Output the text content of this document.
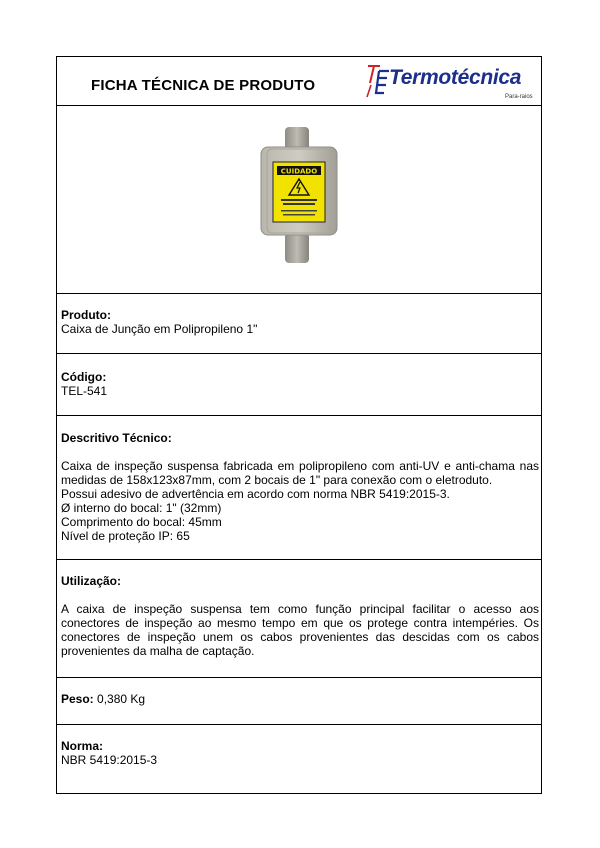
FICHA TÉCNICA DE PRODUTO	Termotécnica
Para-raios
CUIDADO
Produto:
Caixa de Junção em Polipropileno 1"
Código:
TEL-541
Descritivo Técnico:
Caixa de inspeção suspensa fabricada em polipropileno com anti-UV e anti-chama nas medidas de 158x123x87mm, com 2 bocais de 1" para conexão com o eletroduto.
Possui adesivo de advertência em acordo com norma NBR 5419:2015-3.
Ø interno do bocal: 1" (32mm)
Comprimento do bocal: 45mm
Nível de proteção IP: 65
Utilização:
A caixa de inspeção suspensa tem como função principal facilitar o acesso aos conectores de inspeção ao mesmo tempo em que os protege contra intempéries. Os conectores de inspeção unem os cabos provenientes das descidas com os cabos provenientes da malha de captação.
Peso: 0,380 Kg
Norma:
NBR 5419:2015-3
